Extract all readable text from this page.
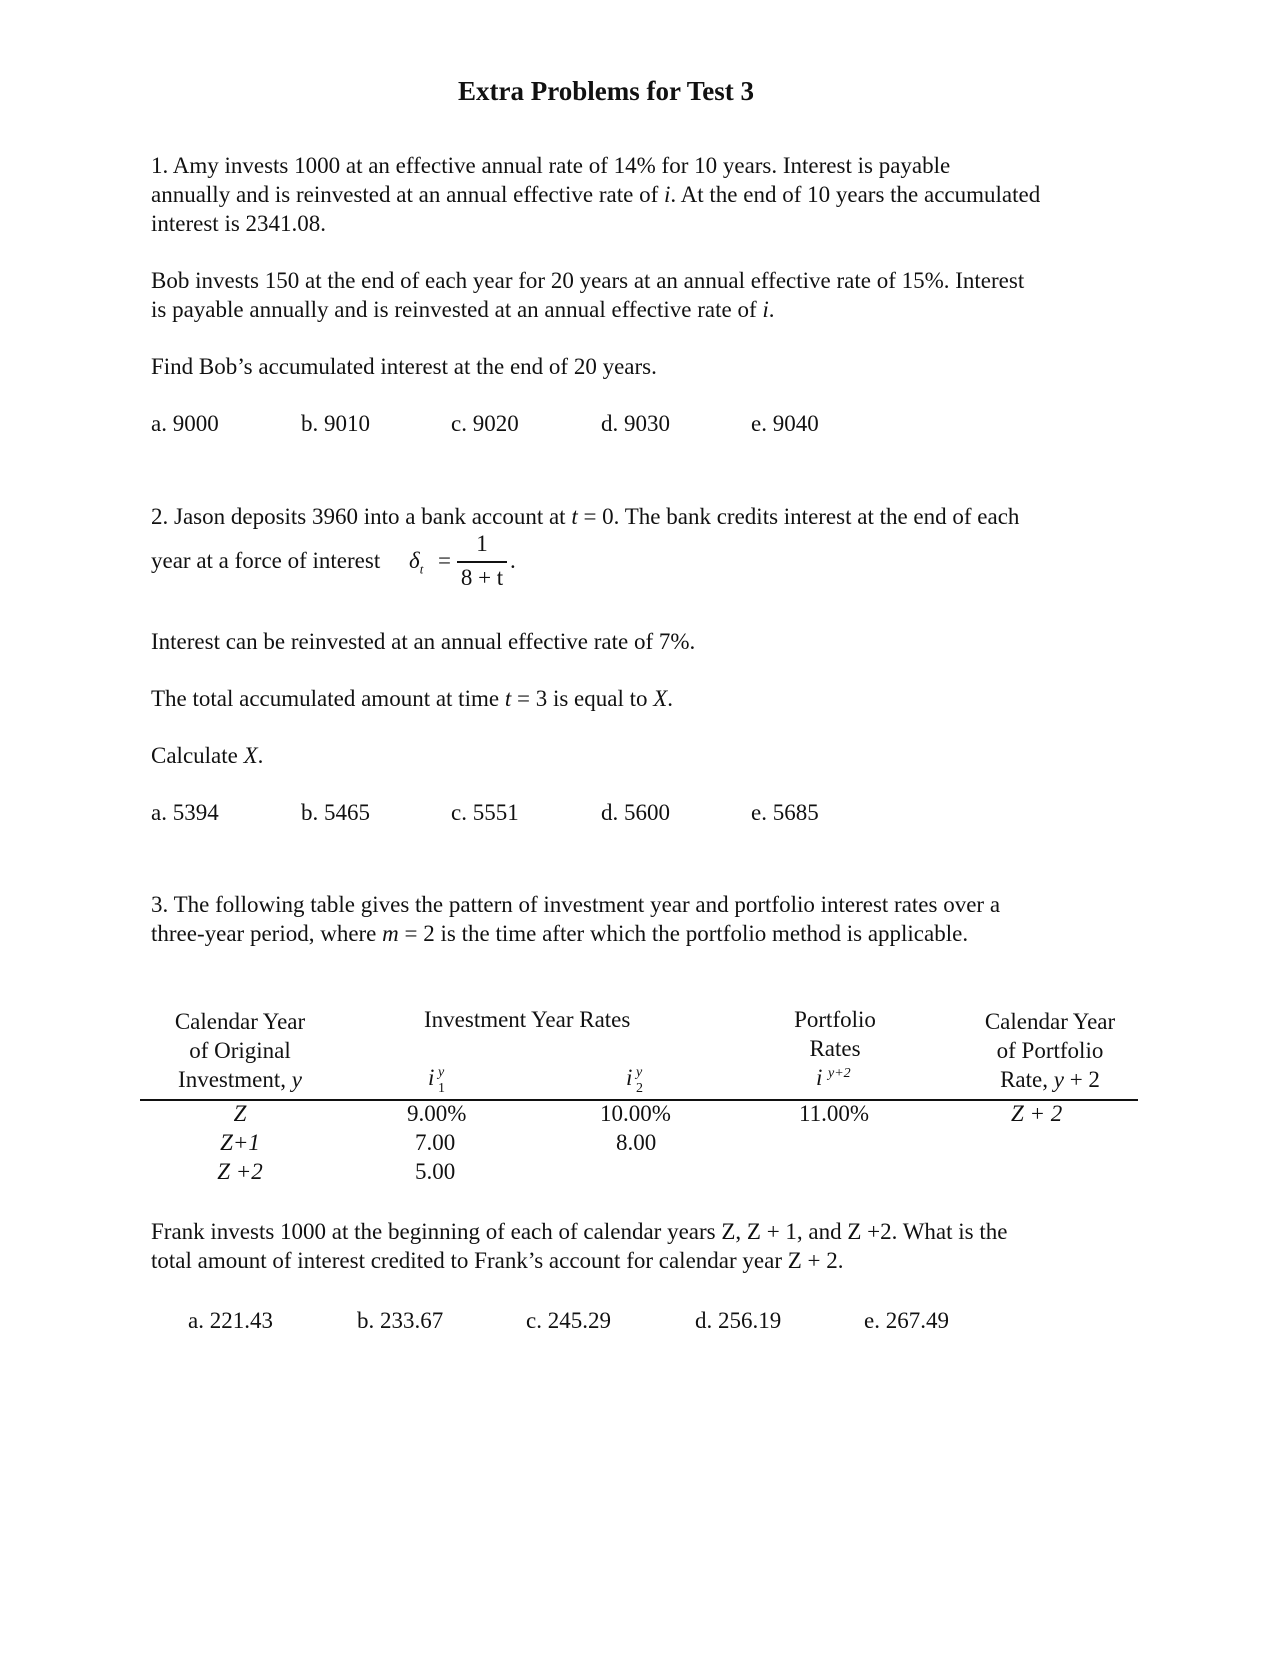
Extra Problems for Test 3
1. Amy invests 1000 at an effective annual rate of 14% for 10 years. Interest is payable
annually and is reinvested at an annual effective rate of i. At the end of 10 years the accumulated
interest is 2341.08.
Bob invests 150 at the end of each year for 20 years at an annual effective rate of 15%. Interest
is payable annually and is reinvested at an annual effective rate of i.
Find Bob’s accumulated interest at the end of 20 years.
a. 9000	b. 9010	c. 9020	d. 9030	e. 9040
2. Jason deposits 3960 into a bank account at t = 0. The bank credits interest at the end of each
year at a force of interest $\delta_t$ =
1
8 + t
.
Interest can be reinvested at an annual effective rate of 7%.
The total accumulated amount at time t = 3 is equal to X.
Calculate X.
a. 5394	b. 5465	c. 5551	d. 5600	e. 5685
3. The following table gives the pattern of investment year and portfolio interest rates over a
three-year period, where m = 2 is the time after which the portfolio method is applicable.
Calendar Year
of Original
Investment, y
Investment Year Rates
i y
1	i y
2
Portfolio
Rates
i y+2
Calendar Year
of Portfolio
Rate, y + 2
Z	9.00%	10.00%	11.00%	Z + 2
Z+1	7.00	8.00
Z +2	5.00
Frank invests 1000 at the beginning of each of calendar years Z, Z + 1, and Z +2. What is the
total amount of interest credited to Frank’s account for calendar year Z + 2.
a. 221.43	b. 233.67	c. 245.29	d. 256.19	e. 267.49
